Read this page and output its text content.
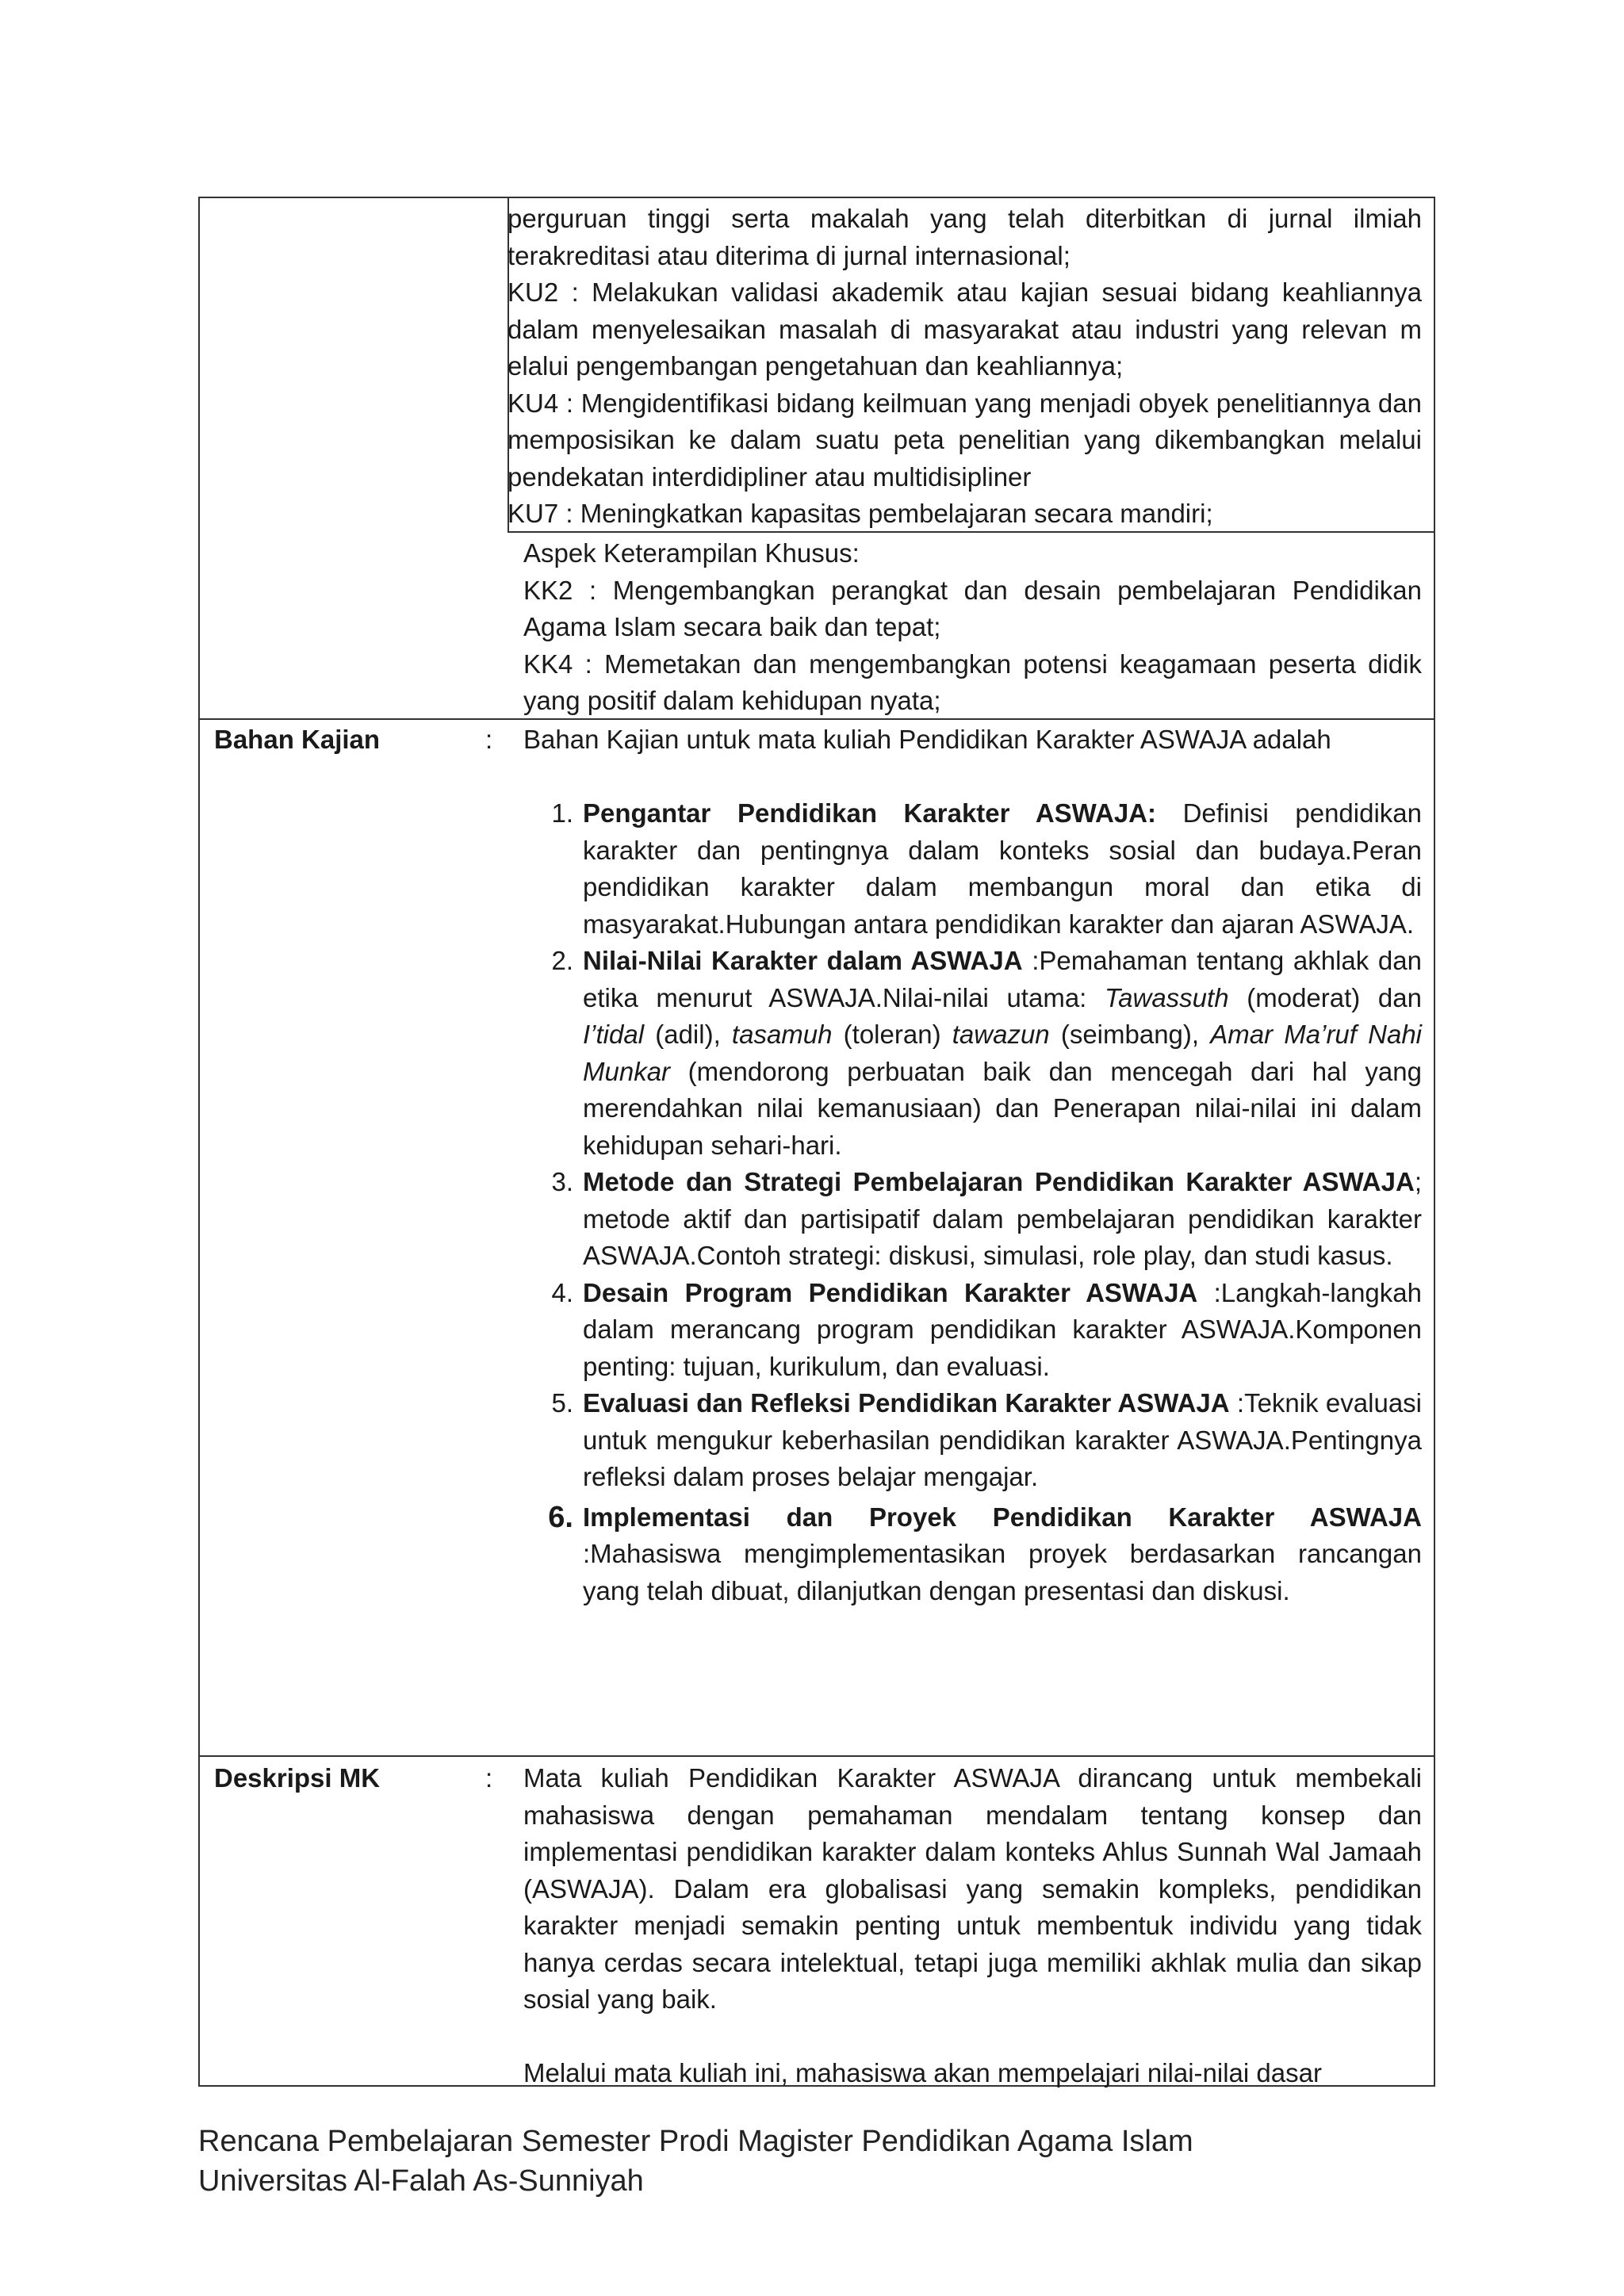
perguruan tinggi serta makalah yang telah diterbitkan di jurnal ilmiah terakreditasi atau diterima di jurnal internasional;

KU2 : Melakukan validasi akademik atau kajian sesuai bidang keahliannya dalam menyelesaikan masalah di masyarakat atau industri yang relevan m elalui pengembangan pengetahuan dan keahliannya;

KU4 : Mengidentifikasi bidang keilmuan yang menjadi obyek penelitiannya dan memposisikan ke dalam suatu peta penelitian yang dikembangkan melalui pendekatan interdidipliner atau multidisipliner

KU7 : Meningkatkan kapasitas pembelajaran secara mandiri;

Aspek Keterampilan Khusus:

KK2 : Mengembangkan perangkat dan desain pembelajaran Pendidikan Agama Islam secara baik dan tepat;

KK4 : Memetakan dan mengembangkan potensi keagamaan peserta didik yang positif dalam kehidupan nyata;

Bahan Kajian	: Bahan Kajian untuk mata kuliah Pendidikan Karakter ASWAJA adalah
1. Pengantar Pendidikan Karakter ASWAJA: Definisi pendidikan karakter dan pentingnya dalam konteks sosial dan budaya.Peran pendidikan karakter dalam membangun moral dan etika di masyarakat.Hubungan antara pendidikan karakter dan ajaran ASWAJA.
2. Nilai-Nilai Karakter dalam ASWAJA :Pemahaman tentang akhlak dan etika menurut ASWAJA.Nilai-nilai utama: Tawassuth (moderat) dan I’tidal (adil), tasamuh (toleran) tawazun (seimbang), Amar Ma’ruf Nahi Munkar (mendorong perbuatan baik dan mencegah dari hal yang merendahkan nilai kemanusiaan) dan Penerapan nilai-nilai ini dalam kehidupan sehari-hari.
3. Metode dan Strategi Pembelajaran Pendidikan Karakter ASWAJA; metode aktif dan partisipatif dalam pembelajaran pendidikan karakter ASWAJA.Contoh strategi: diskusi, simulasi, role play, dan studi kasus.
4. Desain Program Pendidikan Karakter ASWAJA :Langkah-langkah dalam merancang program pendidikan karakter ASWAJA.Komponen penting: tujuan, kurikulum, dan evaluasi.
5. Evaluasi dan Refleksi Pendidikan Karakter ASWAJA :Teknik evaluasi untuk mengukur keberhasilan pendidikan karakter ASWAJA.Pentingnya refleksi dalam proses belajar mengajar.
6. Implementasi dan Proyek Pendidikan Karakter ASWAJA :Mahasiswa mengimplementasikan proyek berdasarkan rancangan yang telah dibuat, dilanjutkan dengan presentasi dan diskusi.
Deskripsi MK	: Mata kuliah Pendidikan Karakter ASWAJA dirancang untuk membekali mahasiswa dengan pemahaman mendalam tentang konsep dan implementasi pendidikan karakter dalam konteks Ahlus Sunnah Wal Jamaah (ASWAJA). Dalam era globalisasi yang semakin kompleks, pendidikan karakter menjadi semakin penting untuk membentuk individu yang tidak hanya cerdas secara intelektual, tetapi juga memiliki akhlak mulia dan sikap sosial yang baik.

Melalui mata kuliah ini, mahasiswa akan mempelajari nilai-nilai dasar

Rencana Pembelajaran Semester Prodi Magister Pendidikan Agama Islam
Universitas Al-Falah As-Sunniyah
